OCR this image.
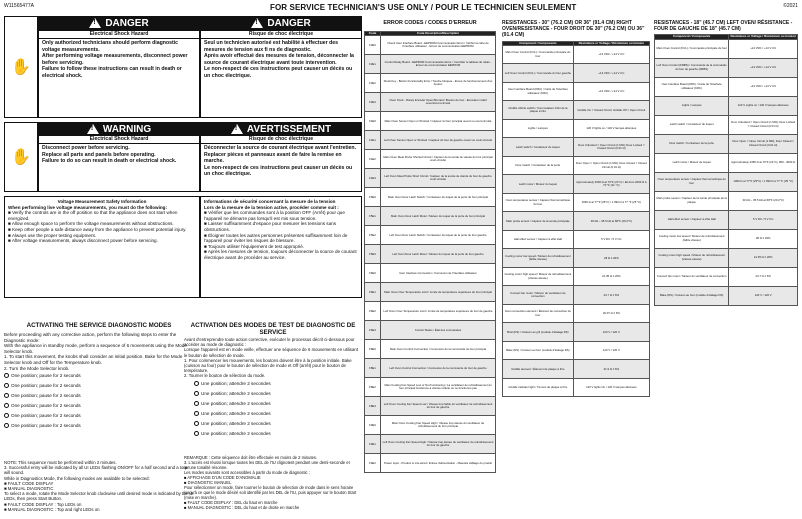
W11565477A	FOR SERVICE TECHNICIAN'S USE ONLY / POUR LE TECHNICIEN SEULEMENT	©2021
✋
!DANGER
Electrical Shock Hazard
Only authorized technicians should perform diagnostic voltage measurements.
After performing voltage measurements, disconnect power before servicing.
Failure to follow these instructions can result in death or electrical shock.
!DANGER
Risque de choc électrique
Seul un technicien autorisé est habilité à effectuer des mesures de tension aux fi ns de diagnostic.
Après avoir effectué des mesures de tension, déconnecter la source de courant électrique avant toute intervention.
Le non-respect de ces instructions peut causer un décès ou un choc électrique.
✋
!WARNING
Electrical Shock Hazard
Disconnect power before servicing.
Replace all parts and panels before operating.
Failure to do so can result in death or electrical shock.
!AVERTISSEMENT
Risque de choc électrique
Déconnecter la source de courant électrique avant l'entretien.
Replacer pièces et panneaux avant de faire la remise en marche.
Le non-respect de ces instructions peut causer un décès ou un choc électrique.
Voltage Measurement Safety Information
When performing live voltage measurements, you must do the following:
■ Verify the controls are in the off position so that the appliance does not start when energized.
■ Allow enough space to perform the voltage measurements without obstructions.
■ Keep other people a safe distance away from the appliance to prevent potential injury.
■ Always use the proper testing equipment.
■ After voltage measurements, always disconnect power before servicing.
Informations de sécurité concernant la mesure de la tension
Lors de la mesure de la tension active, procéder comme suit :
■ Vérifier que les commandes sont à la position OFF (Arrêt) pour que l'appareil ne démarre pas lorsqu'il est mis sous tension.
■ Laisser suffisamment d'espace pour mesurer les tensions sans obstructions.
■ Éloigner toutes les autres personnes présentes suffisamment loin de l'appareil pour éviter les risques de blessure.
■ Toujours utiliser l'équipement de test approprié.
■ Après les mesures de tension, toujours déconnecter la source de courant électrique avant de procéder au service.
ACTIVATING THE SERVICE DIAGNOSTIC MODES
Before proceeding with any corrective action, perform the following steps to enter the Diagnostic mode:
With the appliance in standby mode, perform a sequence of 6 movements using the Mode Selector knob.
1. To start this movement, the knobs shall consider an initial position. Bake for the Mode Selector knob and Off for the Temperature knob.
2. Turn the Mode Selector knob.
One position; pause for 2 seconds
One position; pause for 2 seconds
One position; pause for 2 seconds
One position; pause for 2 seconds
One position; pause for 2 seconds
One position; pause for 2 seconds
NOTE: This sequence must be performed within 2 minutes.
3. Successful entry will be indicated by all UI LEDs flashing ON/OFF for a half second and a tone will sound.
While in Diagnostics Mode, the following modes are available to be selected:
■ FAULT CODE DISPLAY
■ MANUAL DIAGNOSTIC
To select a mode, rotate the Mode Selector knob clockwise until desired mode is indicated by the UI LEDs, then press Start Button.
■ FAULT CODE DISPLAY : Top LEDs on
■ MANUAL DIAGNOSTIC : Top and right LEDs on
ACTIVATION DES MODES DE TEST DE DIAGNOSTIC DE SERVICE
Avant d'entreprendre toute action corrective, exécuter le processus décrit ci-dessous pour accéder au mode de diagnostic :
Lorsque l'appareil est en mode veille, effectuer une séquence de 6 mouvements en utilisant le bouton de sélection de mode.
1. Pour commencer les mouvements, les boutons doivent être à la position initiale. Bake (cuisson au four) pour le bouton de sélection de mode et Off (arrêt) pour le bouton de température.
2. Tourner le bouton de sélection du mode.
Une position; attendre 2 secondes
Une position; attendre 2 secondes
Une position; attendre 2 secondes
Une position; attendre 2 secondes
Une position; attendre 2 secondes
Une position; attendre 2 secondes
REMARQUE : Cette séquence doit être effectuée en moins de 2 minutes.
3. L'accès est réussi lorsque toutes les DEL de l'IU clignotent pendant une demi-seconde et qu'une tonalité résonne.
Les modes suivants sont accessibles à partir du mode de diagnostic :
■ AFFICHAGE D'UN CODE D'ANOMALIE
■ DIAGNOSTIC MANUEL
Pour sélectionner un mode, faire tourner le bouton de sélection de mode dans le sens horaire jusqu'à ce que le mode désiré soit identifié par les DEL de l'IU, puis appuyer sur le bouton Start (mise en marche).
■ FAULT CODE DISPLAY : DEL du haut en marche
■ MANUAL DIAGNOSTIC : DEL du haut et de droite en marche
ERROR CODES / CODES D'ERREUR
Code	Code Description/Description
F3E0	Check User Interface Board - EEPROM Communication Error / Vérifier la carte de l'interface utilisateur - Erreur de communication EEPROM
F3E1	Control Relay Board - EEPROM Communication Error / Contrôler le tableau de relais - Erreur de communication EEPROM
F3E2	Stuck Key - Button Functionality Error / Touche bloquée - Erreur de fonctionnement d'un bouton
F3E3	Oven Knob - Rotary Encoder Open/Shorted / Bouton de four - Encodeur rotatif ouvert/court-circuité
F4E0	Main Oven Sensor Open or Shorted / Capteur du four principal ouvert ou court-circuité
F4E1	Left Oven Sensor Open or Shorted / Capteur du four de gauche ouvert ou court-circuité
F4E2	Main Oven Meat Probe Shorted Circuit / Capteur de la sonde de viande du four principal court-circuité
F4E3	Left Oven Meat Probe Short Circuit / Capteur de la sonde de viande du four de gauche court-circuité
F5E0	Main Oven Door Latch Switch / Contacteur du loquet de la porte du four principal
F5E1	Main Oven Door Latch Motor / Moteur du loquet de la porte du four principal
F5E2	Left Oven Door Latch Switch / Contacteur du loquet de la porte du four gauche
F5E3	Left Oven Door Latch Motor / Moteur du loquet de la porte du four gauche
F6E0	User Interface Connection / Connexion de l'interface utilisateur
F6E1	Main Oven Over Temperature Limit / Limite de température supérieure du four principal
F6E2	Left Oven Over Temperature Limit / Limite de température supérieure du four de gauche
F6E3	Control Status / État des commandes
F8E0	Main Oven Control Connection / Connexion de la commande du four principal
F8E1	Left Oven Control Connection / Connexion de la commande du four de gauche
F8E2	Main Cooling Fan Speed Low or Not Functioning / La ventilateur de refroidissement du four principal fonctionne à vitesse réduite ou ne fonctionne pas
F8E3	Left Oven Cooling Fan Speed Low / Vitesse trop faible du ventilateur de refroidissement du four de gauche
F9E0	Main Oven Cooling Fan Speed High / Vitesse trop élevée du ventilateur de refroidissement du four principal
F9E1	Left Oven Cooling Fan Speed High / Vitesse trop élevée du ventilateur de refroidissement du four de gauche
F9E2	Power Input - Product is mis-wired / Entrée d'alimentation - Mauvais câblage du produit
RESISTANCES - 30" (76.2 CM) OR 36" (91.4 CM) RIGHT OVEN/RESISTANCE - FOUR DROIT DE 30" (76.2 CM) OU 36" (91.4 CM)
Component / Composants	Resistance or Voltage / Résistance ou tension
Main Oven Control (KCL) / Commande principale du four	+14 VDC / +14 V CC
Left Oven Control (KCL) / Commande du four gauche	+14 VDC / +14 V CC
User Interface Board (KRC) / Carte de l'interface utilisateur (KRC)	+14 VDC / +14 V CC
Griddle infinite switch / Commutateur infini de la plaque à frire	Griddle On = Closed Circuit; Griddle Off = Open Circuit
Lights / Lampes	120 V lights on / 120 V lampes allumées
Latch switch / Contacteur du loquet	Door Unlocked = Open Circuit (1 MΩ); Door Locked = Closed Circuit (0.01 Ω)
Door switch / Contacteur de la porte	Door Open = Open Circuit (1 MΩ); Door Closed = Closed Circuit (0.01 Ω)
Latch motor / Moteur du loquet	Approximately 2000 Ω at 70°F (21°C) / Environ 2000 Ω à 70 °F (21 °C)
Oven temperature sensor / Capteur thermométrique du four	1090 Ω at 77°F (25°C) / 1 090 Ω à 77 °F (25 °C)
Main probe sensor / Capteur de la sonde principale	30 kΩ ~ 35.5 kΩ at 68°F (20.2°C)
Hall effect sensor / Capteur à effet Hall	5 V DC / 5 V CC
Cooling motor low speed / Moteur de refroidissement (faible vitesse)	28 Ω ± 20%
Cooling motor high speed / Moteur de refroidissement (vitesse élevée)	21.35 Ω ± 20%
Convect fan motor / Moteur du ventilateur de convection	24.7 Ω ± 6%
Oven convection element / Élément de convection du four	20.07 Ω ± 6%
Broil (DS) / Cuisson au gril (modèle d'étalage DS)	120 V / 120 V
Bake (DS) / Cuisson au four (modèle d'étalage DS)	120 V / 120 V
Griddle element / Élément de plaque à frire	41.9 Ω ± 6%
Griddle indicator light / Témoin de plaque à frire	120 V lights On / 120 V lampes allumées
RESISTANCES - 18" (45.7 CM) LEFT OVEN/ RÉSISTANCE - FOUR DE GAUCHE DE 18" (45.7 CM)
Component / Composants	Resistance or Voltage / Résistance ou tension
Main Oven Control (KCL) / Commande principale du four	+14 VDC / +14 V CC
Left Oven Control (FRBS) / Commande de la commande du four de gauche (FRBS)	+14 VDC / +14 V CC
User Interface Board (KRC) / Carte de l'interface utilisateur (KRC)	+14 VDC / +14 V CC
Lights / Lampes	120 V Lights on / 120 V lampes allumées
Latch switch / Contacteur du loquet	Door Unlocked = Open Circuit (1 MΩ); Door Locked = Closed Circuit (0.01 Ω)
Door switch / Contacteur de la porte	Door Open = Open Circuit (1 MΩ); Door Closed = Closed Circuit (0.01 Ω)
Latch motor / Moteur du loquet	Approximately 2450 Ω at 70°F (21°C), 950 - 3000 Ω
Oven temperature sensor / Capteur thermométrique du four	1090 Ω at 77°F (25°C) / 1 090 Ω à 77 °F (25 °C)
Main probe sensor / Capteur de la sonde principale de la plaque	30 kΩ ~ 35.5 kΩ at 68°F (20.2°C)
Hall effect sensor / Capteur à effet Hall	5 V DC / 5 V CC
Cooling motor low speed / Moteur de refroidissement (faible vitesse)	28 Ω ± 20%
Cooling motor high speed / Moteur de refroidissement (vitesse élevée)	21.35 Ω ± 20%
Convect fan motor / Moteur du ventilateur de convection	24.7 Ω ± 6%
Bake (DS) / Cuisson au four (modèle d'étalage DS)	120 V / 120 V
